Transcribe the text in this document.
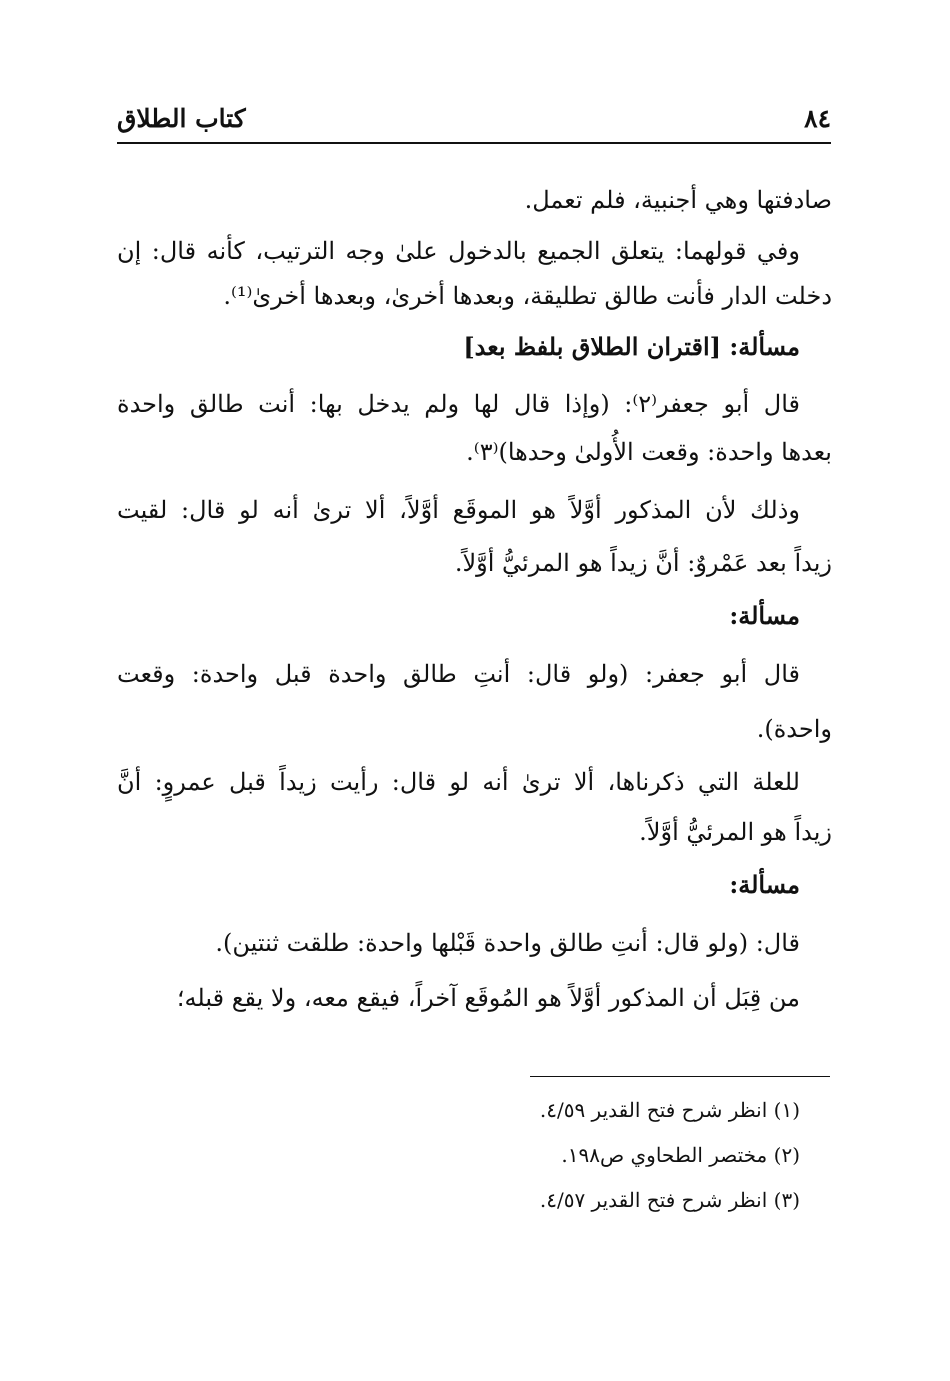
٨٤
كتاب الطلاق
صادفتها وهي أجنبية، فلم تعمل.
وفي قولهما: يتعلق الجميع بالدخول علىٰ وجه الترتيب، كأنه قال: إن
دخلت الدار فأنت طالق تطليقة، وبعدها أخرىٰ، وبعدها أخرىٰ⁽¹⁾.
مسألة: [اقتران الطلاق بلفظ بعد]
قال أبو جعفر⁽٢⁾: (وإذا قال لها ولم يدخل بها: أنت طالق واحدة
بعدها واحدة: وقعت الأُولىٰ وحدها)⁽٣⁾.
وذلك لأن المذكور أوَّلاً هو الموقَع أوَّلاً، ألا ترىٰ أنه لو قال: لقيت
زيداً بعد عَمْروٌ: أنَّ زيداً هو المرئيُّ أوَّلاً.
مسألة:
قال أبو جعفر: (ولو قال: أنتِ طالق واحدة قبل واحدة: وقعت
واحدة).
للعلة التي ذكرناها، ألا ترىٰ أنه لو قال: رأيت زيداً قبل عمروٍ: أنَّ
زيداً هو المرئيُّ أوَّلاً.
مسألة:
قال: (ولو قال: أنتِ طالق واحدة قَبْلها واحدة: طلقت ثنتين).
من قِبَل أن المذكور أوَّلاً هو المُوقَع آخراً، فيقع معه، ولا يقع قبله؛
(١) انظر شرح فتح القدير ٤/٥٩.
(٢) مختصر الطحاوي ص١٩٨.
(٣) انظر شرح فتح القدير ٤/٥٧.
